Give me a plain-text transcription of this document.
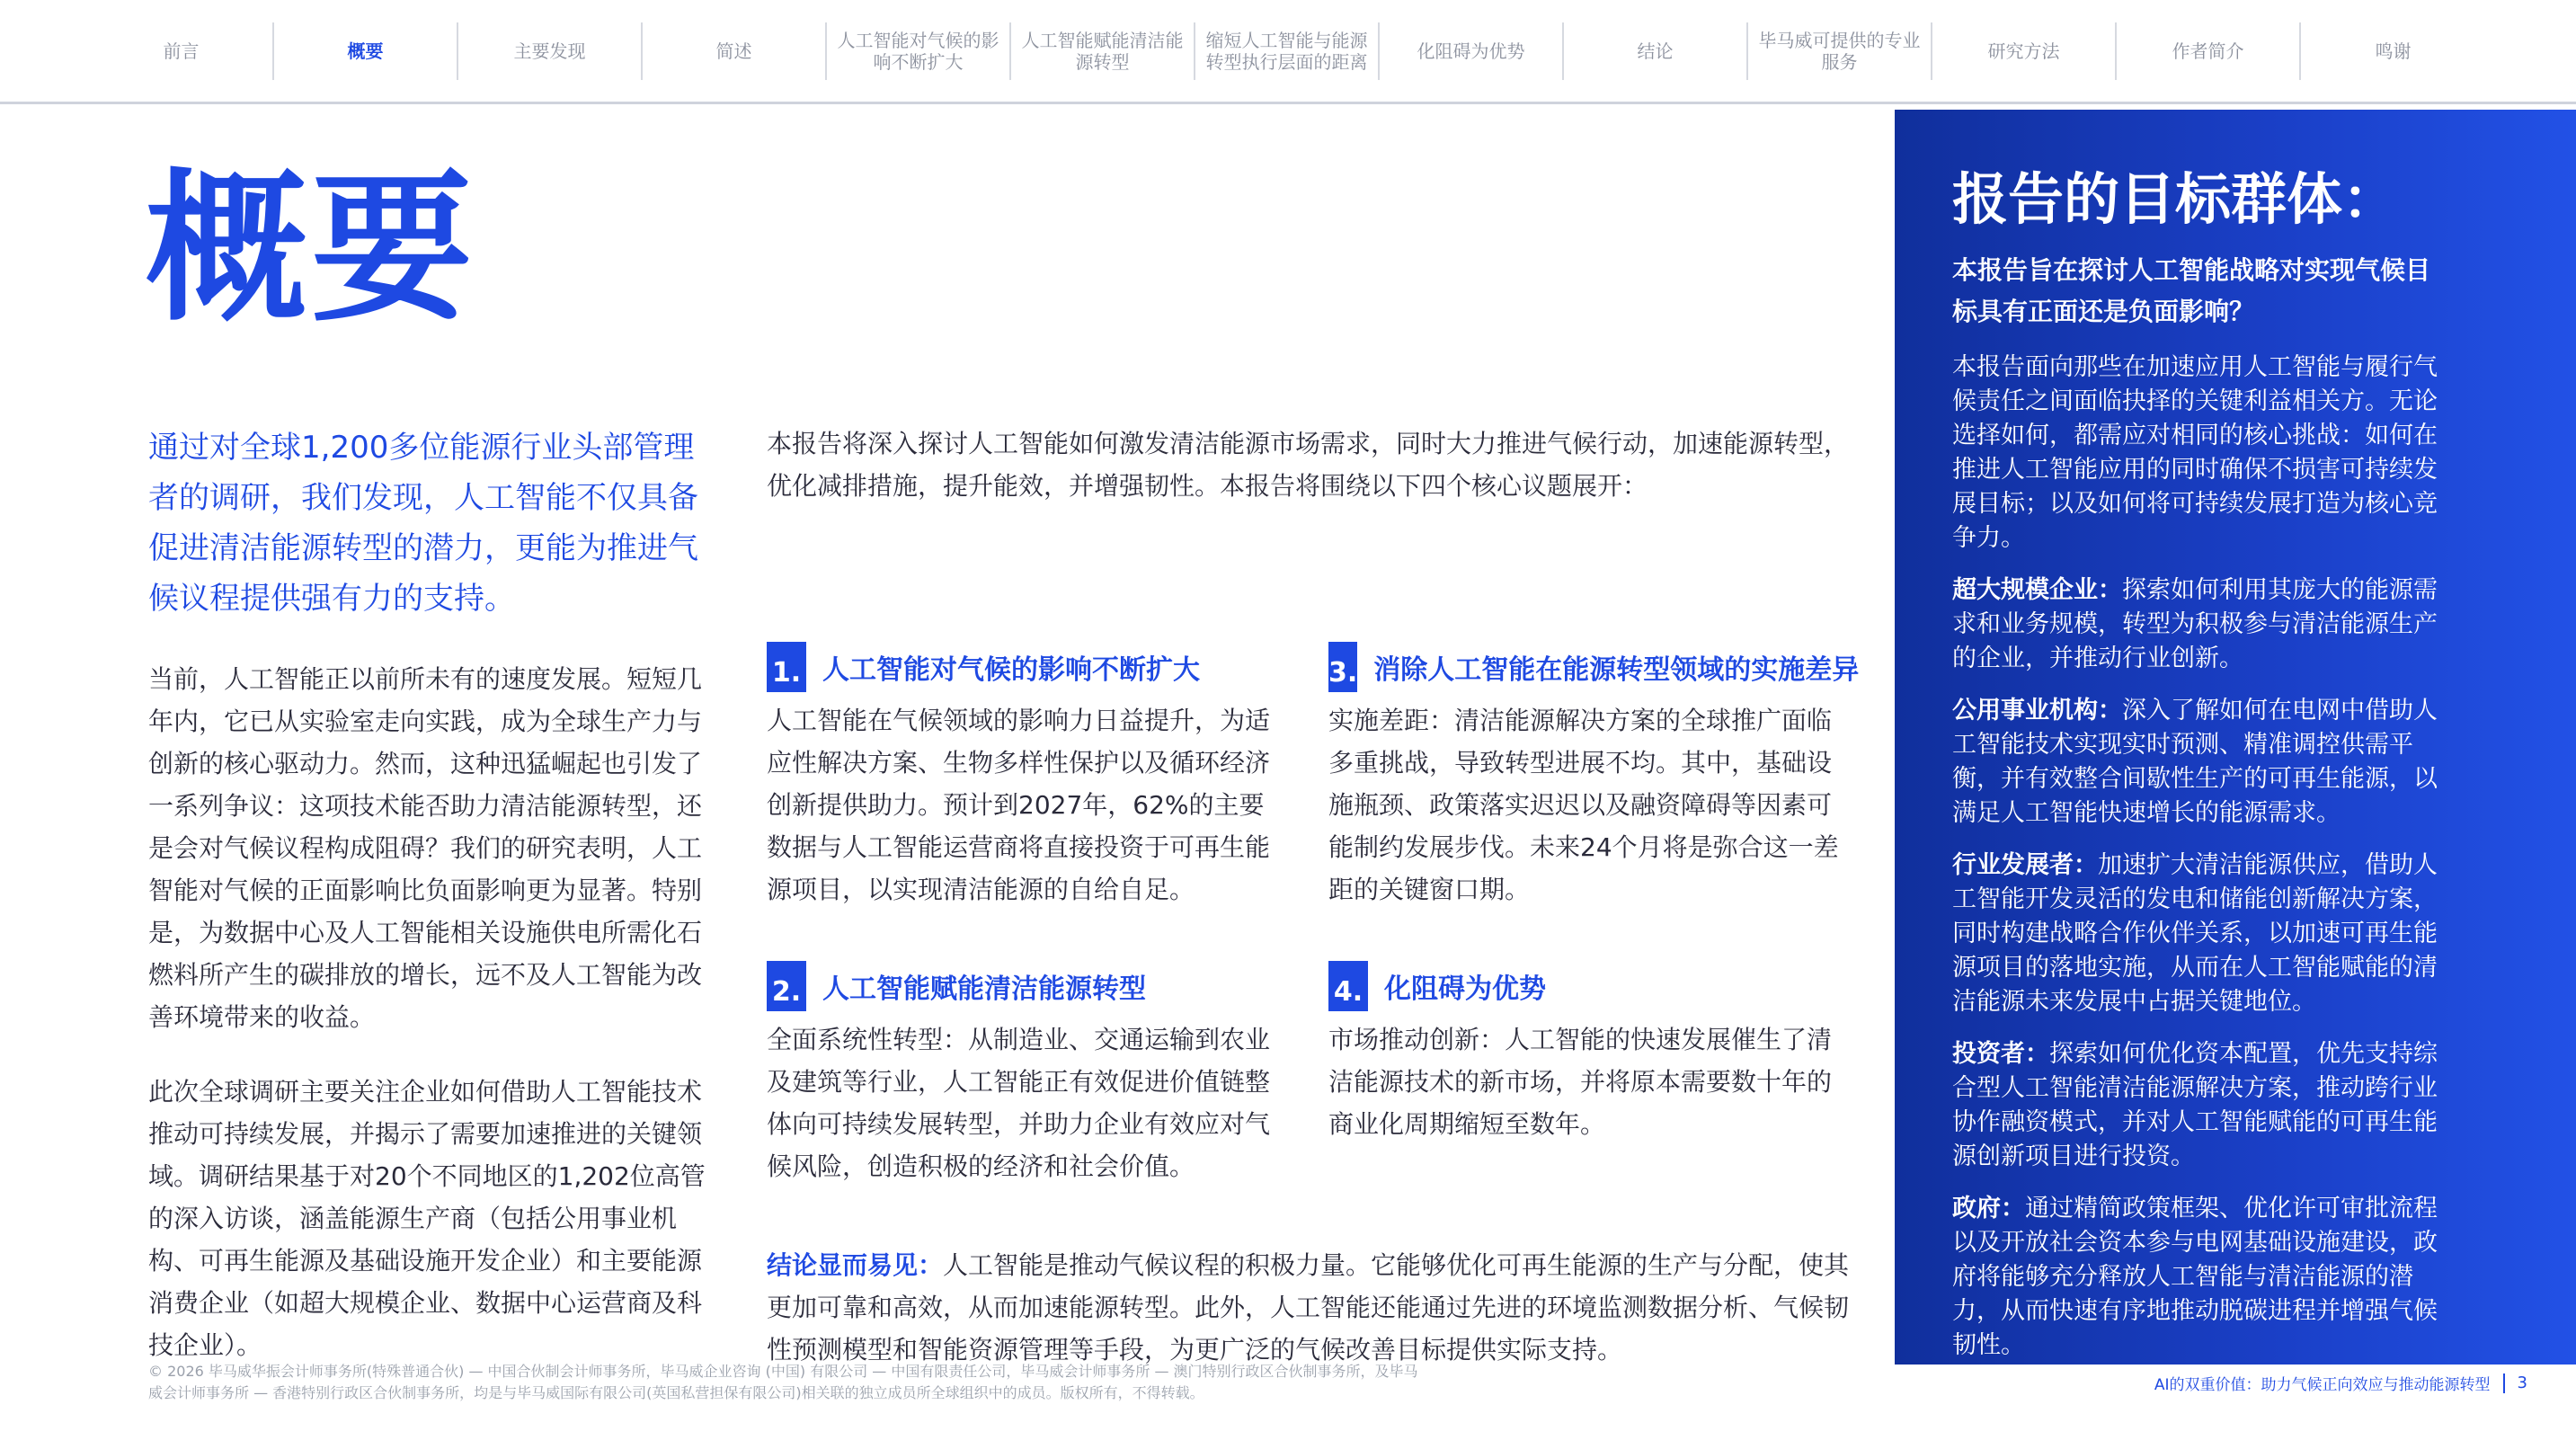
前言	概要	主要发现	简述	人工智能对气候的影响不断扩大
人工智能赋能清洁能源转型
缩短人工智能与能源转型执行层面的距离	化阻碍为优势	结论	毕马威可提供的专业服务	研究方法	作者简介	鸣谢
概要

通过对全球1,200多位能源行业头部管理者的调研，我们发现，人工智能不仅具备促进清洁能源转型的潜力，更能为推进气候议程提供强有力的支持。

当前，人工智能正以前所未有的速度发展。短短几年内，它已从实验室走向实践，成为全球生产力与创新的核心驱动力。然而，这种迅猛崛起也引发了一系列争议：这项技术能否助力清洁能源转型，还是会对气候议程构成阻碍？我们的研究表明，人工智能对气候的正面影响比负面影响更为显著。特别是，为数据中心及人工智能相关设施供电所需化石燃料所产生的碳排放的增长，远不及人工智能为改善环境带来的收益。

此次全球调研主要关注企业如何借助人工智能技术推动可持续发展，并揭示了需要加速推进的关键领域。调研结果基于对20个不同地区的1,202位高管的深入访谈，涵盖能源生产商（包括公用事业机构、可再生能源及基础设施开发企业）和主要能源消费企业（如超大规模企业、数据中心运营商及科技企业）。

本报告将深入探讨人工智能如何激发清洁能源市场需求，同时大力推进气候行动，加速能源转型，优化减排措施，提升能效，并增强韧性。本报告将围绕以下四个核心议题展开：

1. 人工智能对气候的影响不断扩大

人工智能在气候领域的影响力日益提升，为适应性解决方案、生物多样性保护以及循环经济创新提供助力。预计到2027年，62%的主要数据与人工智能运营商将直接投资于可再生能源项目，以实现清洁能源的自给自足。

3. 消除人工智能在能源转型领域的实施差异

实施差距：清洁能源解决方案的全球推广面临多重挑战，导致转型进展不均。其中，基础设施瓶颈、政策落实迟迟以及融资障碍等因素可能制约发展步伐。未来24个月将是弥合这一差距的关键窗口期。

2. 人工智能赋能清洁能源转型

全面系统性转型：从制造业、交通运输到农业及建筑等行业，人工智能正有效促进价值链整体向可持续发展转型，并助力企业有效应对气候风险，创造积极的经济和社会价值。

4. 化阻碍为优势

市场推动创新：人工智能的快速发展催生了清洁能源技术的新市场，并将原本需要数十年的商业化周期缩短至数年。

结论显而易见：人工智能是推动气候议程的积极力量。它能够优化可再生能源的生产与分配，使其更加可靠和高效，从而加速能源转型。此外，人工智能还能通过先进的环境监测数据分析、气候韧性预测模型和智能资源管理等手段，为更广泛的气候改善目标提供实际支持。

报告的目标群体：

本报告旨在探讨人工智能战略对实现气候目标具有正面还是负面影响？

本报告面向那些在加速应用人工智能与履行气候责任之间面临抉择的关键利益相关方。无论选择如何，都需应对相同的核心挑战：如何在推进人工智能应用的同时确保不损害可持续发展目标；以及如何将可持续发展打造为核心竞争力。

超大规模企业：探索如何利用其庞大的能源需求和业务规模，转型为积极参与清洁能源生产的企业，并推动行业创新。

公用事业机构：深入了解如何在电网中借助人工智能技术实现实时预测、精准调控供需平衡，并有效整合间歇性生产的可再生能源，以满足人工智能快速增长的能源需求。

行业发展者：加速扩大清洁能源供应，借助人工智能开发灵活的发电和储能创新解决方案，同时构建战略合作伙伴关系，以加速可再生能源项目的落地实施，从而在人工智能赋能的清洁能源未来发展中占据关键地位。

投资者：探索如何优化资本配置，优先支持综合型人工智能清洁能源解决方案，推动跨行业协作融资模式，并对人工智能赋能的可再生能源创新项目进行投资。

政府：通过精简政策框架、优化许可审批流程以及开放社会资本参与电网基础设施建设，政府将能够充分释放人工智能与清洁能源的潜力，从而快速有序地推动脱碳进程并增强气候韧性。

© 2026 毕马威华振会计师事务所(特殊普通合伙) — 中国合伙制会计师事务所，毕马威企业咨询 (中国) 有限公司 — 中国有限责任公司，毕马威会计师事务所 — 澳门特别行政区合伙制事务所，及毕马威会计师事务所 — 香港特别行政区合伙制事务所，均是与毕马威国际有限公司(英国私营担保有限公司)相关联的独立成员所全球组织中的成员。版权所有，不得转载。	AI的双重价值：助力气候正向效应与推动能源转型 3
